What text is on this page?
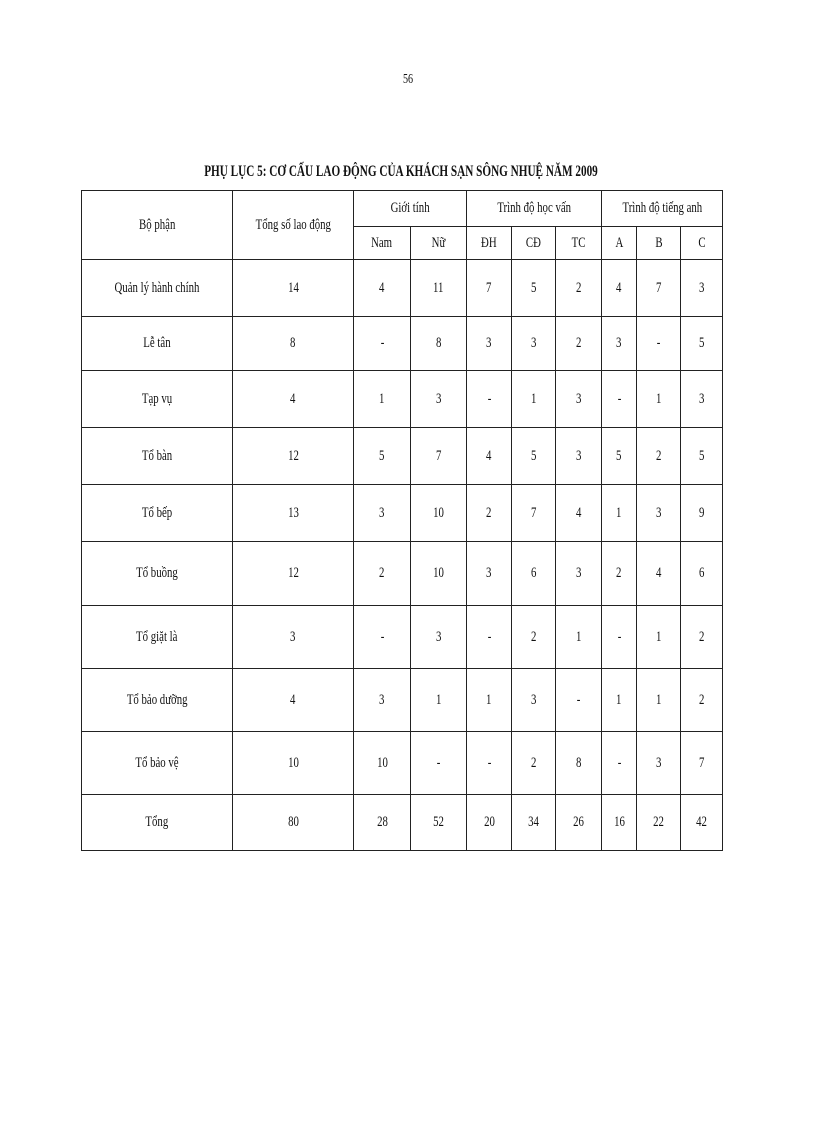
56
PHỤ LỤC 5: CƠ CẤU LAO ĐỘNG CỦA KHÁCH SẠN SÔNG NHUỆ NĂM 2009
Bộ phận	Tổng số lao động	Giới tính		Trình độ học vấn			Trình độ tiếng anh		
		Nam	Nữ	ĐH	CĐ	TC	A	B	C
Quản lý hành chính	14	4	11	7	5	2	4	7	3
Lễ tân	8	-	8	3	3	2	3	-	5
Tạp vụ	4	1	3	-	1	3	-	1	3
Tổ bàn	12	5	7	4	5	3	5	2	5
Tổ bếp	13	3	10	2	7	4	1	3	9
Tổ buồng	12	2	10	3	6	3	2	4	6
Tổ giặt là	3	-	3	-	2	1	-	1	2
Tổ bảo dưỡng	4	3	1	1	3	-	1	1	2
Tổ bảo vệ	10	10	-	-	2	8	-	3	7
Tổng	80	28	52	20	34	26	16	22	42
